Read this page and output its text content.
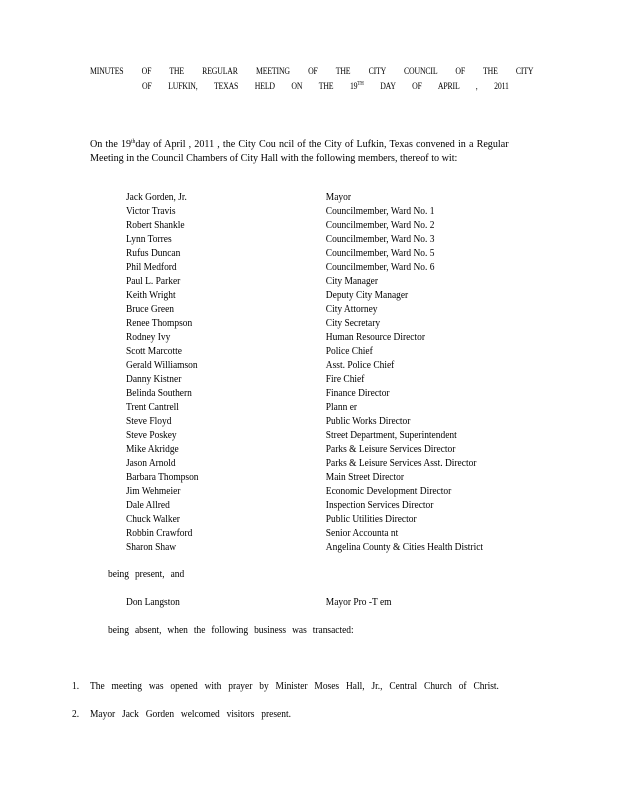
MINUTES OF THE REGULAR MEETING OF THE CITY COUNCIL OF THE CITY
OF LUFKIN, TEXAS HELD ON THE 19TH DAY OF APRIL , 2011
On the 19thday of April , 2011 , the City Cou ncil of the City of Lufkin, Texas convened in a Regular Meeting in the Council Chambers of City Hall with the following members, thereof to wit:
Jack Gorden, Jr.	Mayor
Victor Travis	Councilmember, Ward No. 1
Robert Shankle	Councilmember, Ward No. 2
Lynn Torres	Councilmember, Ward No. 3
Rufus Duncan	Councilmember, Ward No. 5
Phil Medford	Councilmember, Ward No. 6
Paul L. Parker	City Manager
Keith Wright	Deputy City Manager
Bruce Green	City Attorney
Renee Thompson	City Secretary
Rodney Ivy	Human Resource Director
Scott Marcotte	Police Chief
Gerald Williamson	Asst. Police Chief
Danny Kistner	Fire Chief
Belinda Southern	Finance Director
Trent Cantrell	Plann er
Steve Floyd	Public Works Director
Steve Poskey	Street Department, Superintendent
Mike Akridge	Parks & Leisure Services Director
Jason Arnold	Parks & Leisure Services Asst. Director
Barbara Thompson	Main Street Director
Jim Wehmeier	Economic Development Director
Dale Allred	Inspection Services Director
Chuck Walker	Public Utilities Director
Robbin Crawford	Senior Accounta nt
Sharon Shaw	Angelina County & Cities Health District
being present, and
Don Langston	Mayor Pro -T em
being absent, when the following business was transacted:
1. The meeting was opened with prayer by Minister Moses Hall, Jr., Central Church of Christ.
2. Mayor Jack Gorden welcomed visitors present.
